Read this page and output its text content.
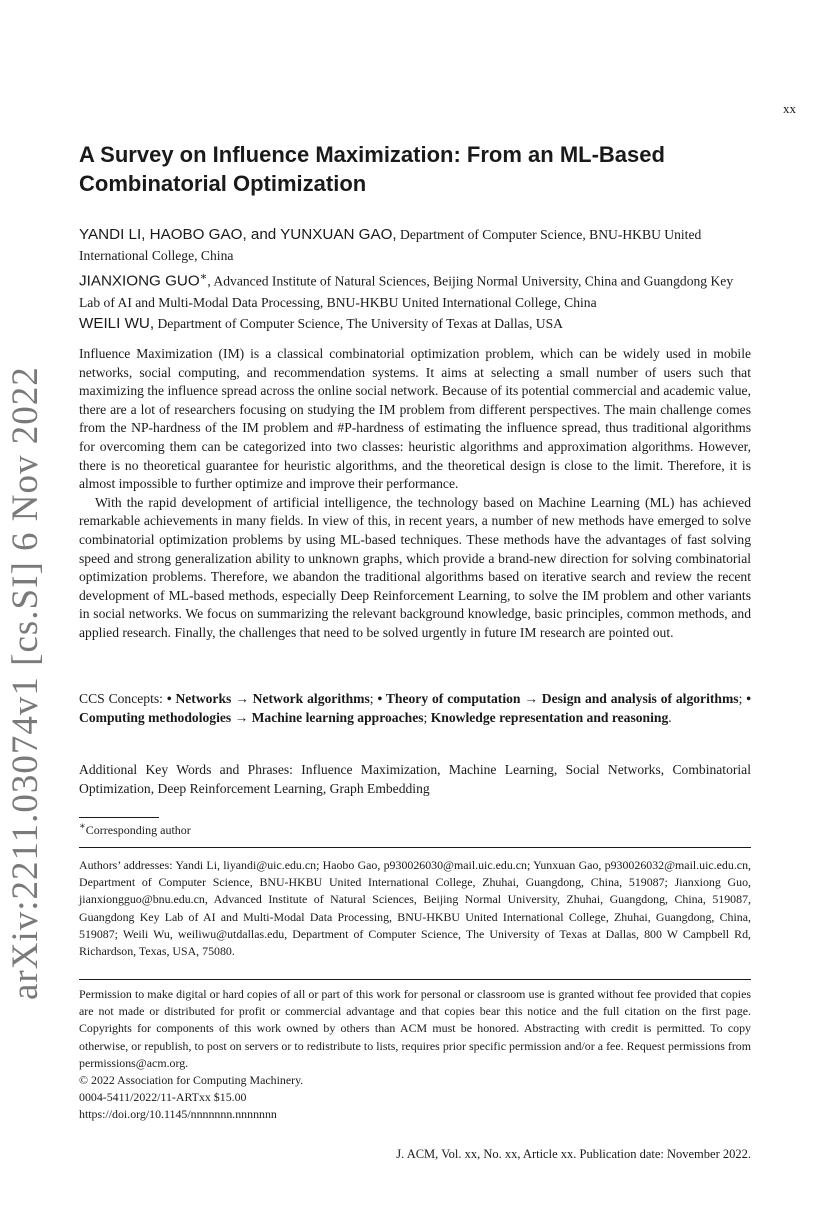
xx
arXiv:2211.03074v1 [cs.SI] 6 Nov 2022
A Survey on Influence Maximization: From an ML-Based Combinatorial Optimization
YANDI LI, HAOBO GAO, and YUNXUAN GAO, Department of Computer Science, BNU-HKBU United International College, China
JIANXIONG GUO∗, Advanced Institute of Natural Sciences, Beijing Normal University, China and Guangdong Key Lab of AI and Multi-Modal Data Processing, BNU-HKBU United International College, China
WEILI WU, Department of Computer Science, The University of Texas at Dallas, USA

Influence Maximization (IM) is a classical combinatorial optimization problem, which can be widely used in mobile networks, social computing, and recommendation systems. It aims at selecting a small number of users such that maximizing the influence spread across the online social network. Because of its potential commercial and academic value, there are a lot of researchers focusing on studying the IM problem from different perspectives. The main challenge comes from the NP-hardness of the IM problem and #P-hardness of estimating the influence spread, thus traditional algorithms for overcoming them can be categorized into two classes: heuristic algorithms and approximation algorithms. However, there is no theoretical guarantee for heuristic algorithms, and the theoretical design is close to the limit. Therefore, it is almost impossible to further optimize and improve their performance.

With the rapid development of artificial intelligence, the technology based on Machine Learning (ML) has achieved remarkable achievements in many fields. In view of this, in recent years, a number of new methods have emerged to solve combinatorial optimization problems by using ML-based techniques. These methods have the advantages of fast solving speed and strong generalization ability to unknown graphs, which provide a brand-new direction for solving combinatorial optimization problems. Therefore, we abandon the traditional algorithms based on iterative search and review the recent development of ML-based methods, especially Deep Reinforcement Learning, to solve the IM problem and other variants in social networks. We focus on summarizing the relevant background knowledge, basic principles, common methods, and applied research. Finally, the challenges that need to be solved urgently in future IM research are pointed out.

CCS Concepts: • Networks → Network algorithms; • Theory of computation → Design and analysis of algorithms; • Computing methodologies → Machine learning approaches; Knowledge representation and reasoning.
Additional Key Words and Phrases: Influence Maximization, Machine Learning, Social Networks, Combinatorial Optimization, Deep Reinforcement Learning, Graph Embedding
∗Corresponding author
Authors’ addresses: Yandi Li, liyandi@uic.edu.cn; Haobo Gao, p930026030@mail.uic.edu.cn; Yunxuan Gao, p930026032@mail.uic.edu.cn, Department of Computer Science, BNU-HKBU United International College, Zhuhai, Guangdong, China, 519087; Jianxiong Guo, jianxiongguo@bnu.edu.cn, Advanced Institute of Natural Sciences, Beijing Normal University, Zhuhai, Guangdong, China, 519087, Guangdong Key Lab of AI and Multi-Modal Data Processing, BNU-HKBU United International College, Zhuhai, Guangdong, China, 519087; Weili Wu, weiliwu@utdallas.edu, Department of Computer Science, The University of Texas at Dallas, 800 W Campbell Rd, Richardson, Texas, USA, 75080.

Permission to make digital or hard copies of all or part of this work for personal or classroom use is granted without fee provided that copies are not made or distributed for profit or commercial advantage and that copies bear this notice and the full citation on the first page. Copyrights for components of this work owned by others than ACM must be honored. Abstracting with credit is permitted. To copy otherwise, or republish, to post on servers or to redistribute to lists, requires prior specific permission and/or a fee. Request permissions from permissions@acm.org.

© 2022 Association for Computing Machinery.

0004-5411/2022/11-ARTxx $15.00

https://doi.org/10.1145/nnnnnnn.nnnnnnn

J. ACM, Vol. xx, No. xx, Article xx. Publication date: November 2022.
